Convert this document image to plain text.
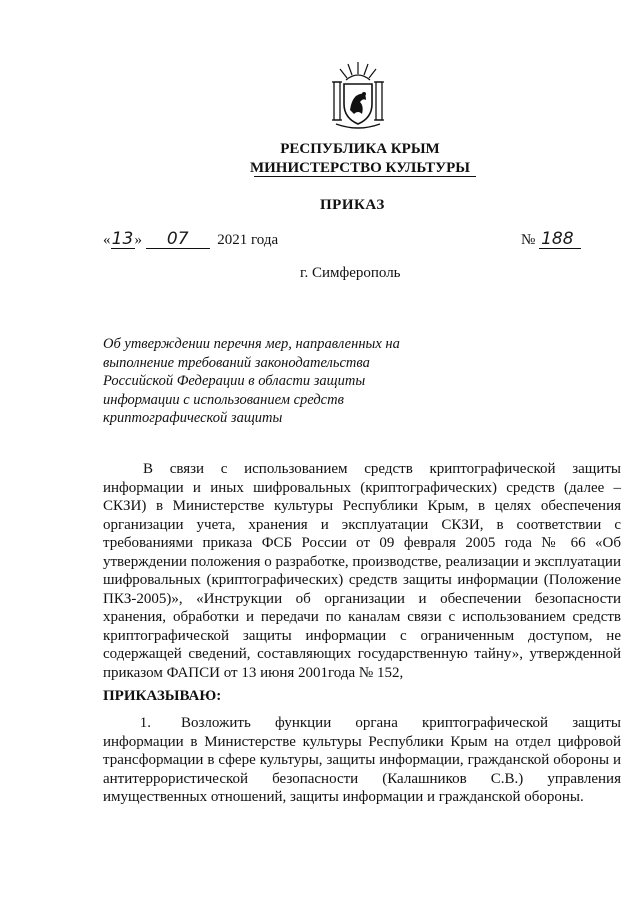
РЕСПУБЛИКА КРЫМ
МИНИСТЕРСТВО КУЛЬТУРЫ
ПРИКАЗ
«13» 07 2021 года	№ 188
г. Симферополь
Об утверждении перечня мер, направленных на выполнение требований законодательства Российской Федерации в области защиты информации с использованием средств криптографической защиты
В связи с использованием средств криптографической защиты информации и иных шифровальных (криптографических) средств (далее – СКЗИ) в Министерстве культуры Республики Крым, в целях обеспечения организации учета, хранения и эксплуатации СКЗИ, в соответствии с требованиями приказа ФСБ России от 09 февраля 2005 года № 66 «Об утверждении положения о разработке, производстве, реализации и эксплуатации шифровальных (криптографических) средств защиты информации (Положение ПКЗ-2005)», «Инструкции об организации и обеспечении безопасности хранения, обработки и передачи по каналам связи с использованием средств криптографической защиты информации с ограниченным доступом, не содержащей сведений, составляющих государственную тайну», утвержденной приказом ФАПСИ от 13 июня 2001года № 152,
ПРИКАЗЫВАЮ:
1. Возложить функции органа криптографической защиты информации в Министерстве культуры Республики Крым на отдел цифровой трансформации в сфере культуры, защиты информации, гражданской обороны и антитеррористической безопасности (Калашников С.В.) управления имущественных отношений, защиты информации и гражданской обороны.
